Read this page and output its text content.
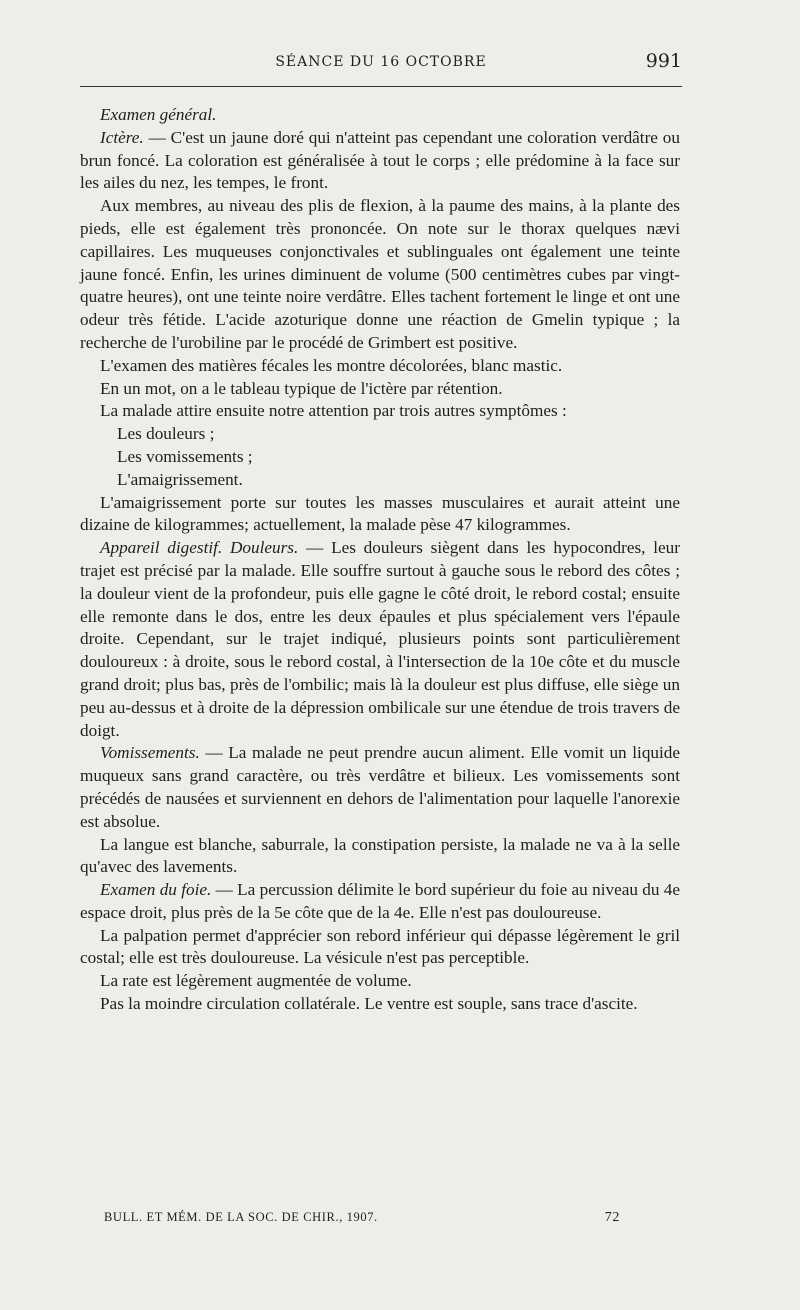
SÉANCE DU 16 OCTOBRE	991

Examen général.

Ictère. — C'est un jaune doré qui n'atteint pas cependant une coloration verdâtre ou brun foncé. La coloration est généralisée à tout le corps ; elle prédomine à la face sur les ailes du nez, les tempes, le front.

Aux membres, au niveau des plis de flexion, à la paume des mains, à la plante des pieds, elle est également très prononcée. On note sur le thorax quelques nævi capillaires. Les muqueuses conjonctivales et sublinguales ont également une teinte jaune foncé. Enfin, les urines diminuent de volume (500 centimètres cubes par vingt-quatre heures), ont une teinte noire verdâtre. Elles tachent fortement le linge et ont une odeur très fétide. L'acide azoturique donne une réaction de Gmelin typique ; la recherche de l'urobiline par le procédé de Grimbert est positive.

L'examen des matières fécales les montre décolorées, blanc mastic.

En un mot, on a le tableau typique de l'ictère par rétention.

La malade attire ensuite notre attention par trois autres symptômes :

Les douleurs ;

Les vomissements ;

L'amaigrissement.

L'amaigrissement porte sur toutes les masses musculaires et aurait atteint une dizaine de kilogrammes; actuellement, la malade pèse 47 kilogrammes.

Appareil digestif. Douleurs. — Les douleurs siègent dans les hypocondres, leur trajet est précisé par la malade. Elle souffre surtout à gauche sous le rebord des côtes ; la douleur vient de la profondeur, puis elle gagne le côté droit, le rebord costal; ensuite elle remonte dans le dos, entre les deux épaules et plus spécialement vers l'épaule droite. Cependant, sur le trajet indiqué, plusieurs points sont particulièrement douloureux : à droite, sous le rebord costal, à l'intersection de la 10e côte et du muscle grand droit; plus bas, près de l'ombilic; mais là la douleur est plus diffuse, elle siège un peu au-dessus et à droite de la dépression ombilicale sur une étendue de trois travers de doigt.

Vomissements. — La malade ne peut prendre aucun aliment. Elle vomit un liquide muqueux sans grand caractère, ou très verdâtre et bilieux. Les vomissements sont précédés de nausées et surviennent en dehors de l'alimentation pour laquelle l'anorexie est absolue.

La langue est blanche, saburrale, la constipation persiste, la malade ne va à la selle qu'avec des lavements.

Examen du foie. — La percussion délimite le bord supérieur du foie au niveau du 4e espace droit, plus près de la 5e côte que de la 4e. Elle n'est pas douloureuse.

La palpation permet d'apprécier son rebord inférieur qui dépasse légèrement le gril costal; elle est très douloureuse. La vésicule n'est pas perceptible.

La rate est légèrement augmentée de volume.

Pas la moindre circulation collatérale. Le ventre est souple, sans trace d'ascite.

BULL. ET MÉM. DE LA SOC. DE CHIR., 1907.	72
